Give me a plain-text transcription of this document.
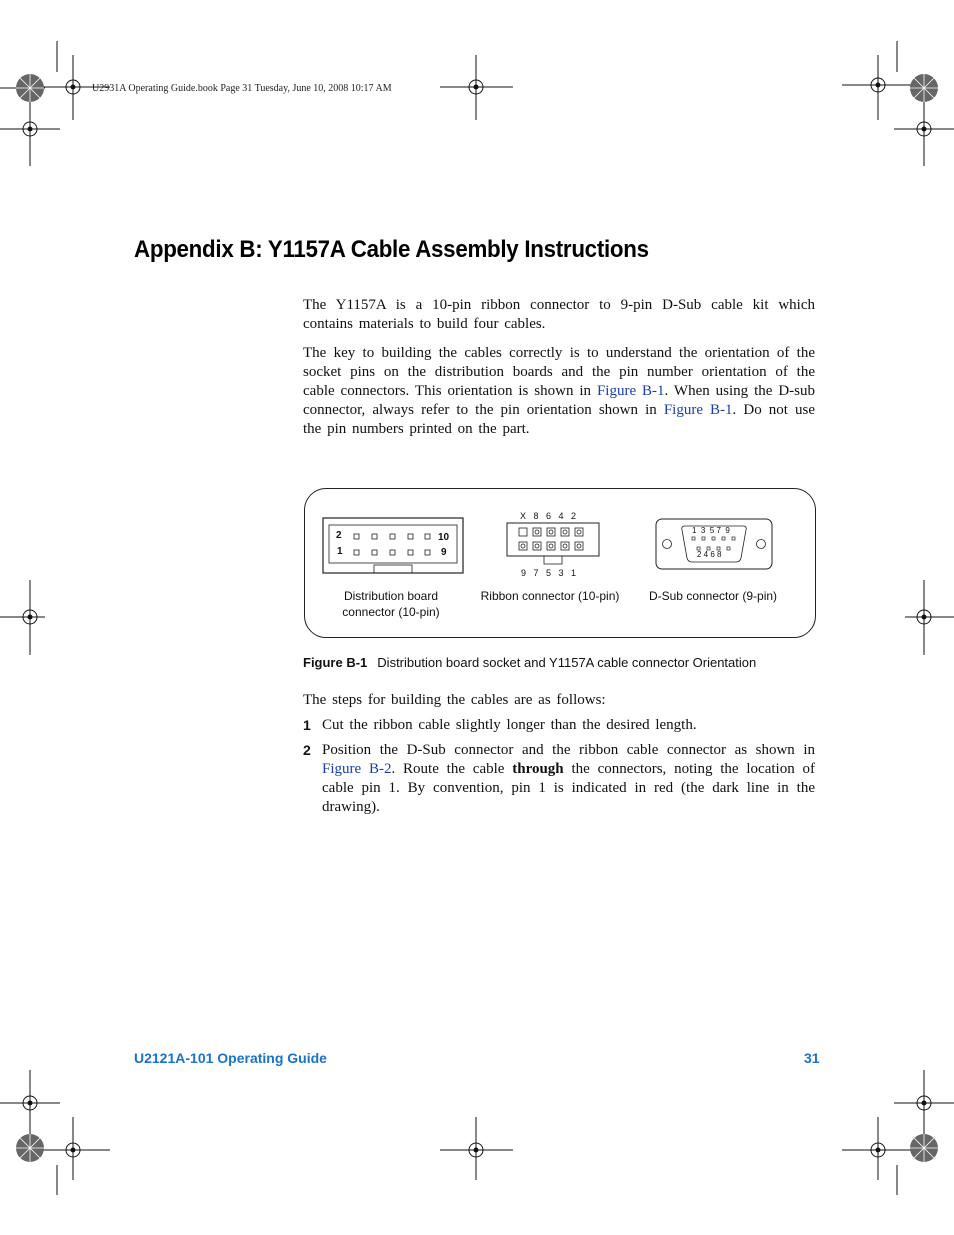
U2931A Operating Guide.book Page 31 Tuesday, June 10, 2008 10:17 AM
Appendix B: Y1157A Cable Assembly Instructions

The Y1157A is a 10-pin ribbon connector to 9-pin D-Sub cable kit which contains materials to build four cables.

The key to building the cables correctly is to understand the orientation of the socket pins on the distribution boards and the pin number orientation of the cable connectors. This orientation is shown in Figure B-1. When using the D-sub connector, always refer to the pin orientation shown in Figure B-1. Do not use the pin numbers printed on the part.

2
1
10
9
X   8   6   4   2
9   7   5   3   1
1  3  5 7  9
2 4 6 8
Distribution board
connector (10-pin)
Ribbon connector (10-pin)	D-Sub connector (9-pin)
Figure B-1 Distribution board socket and Y1157A cable connector Orientation

The steps for building the cables are as follows:

1 Cut the ribbon cable slightly longer than the desired length.
2 Position the D-Sub connector and the ribbon cable connector as shown in Figure B-2. Route the cable through the connectors, noting the location of cable pin 1. By convention, pin 1 is indicated in red (the dark line in the drawing).
U2121A-101 Operating Guide	31
